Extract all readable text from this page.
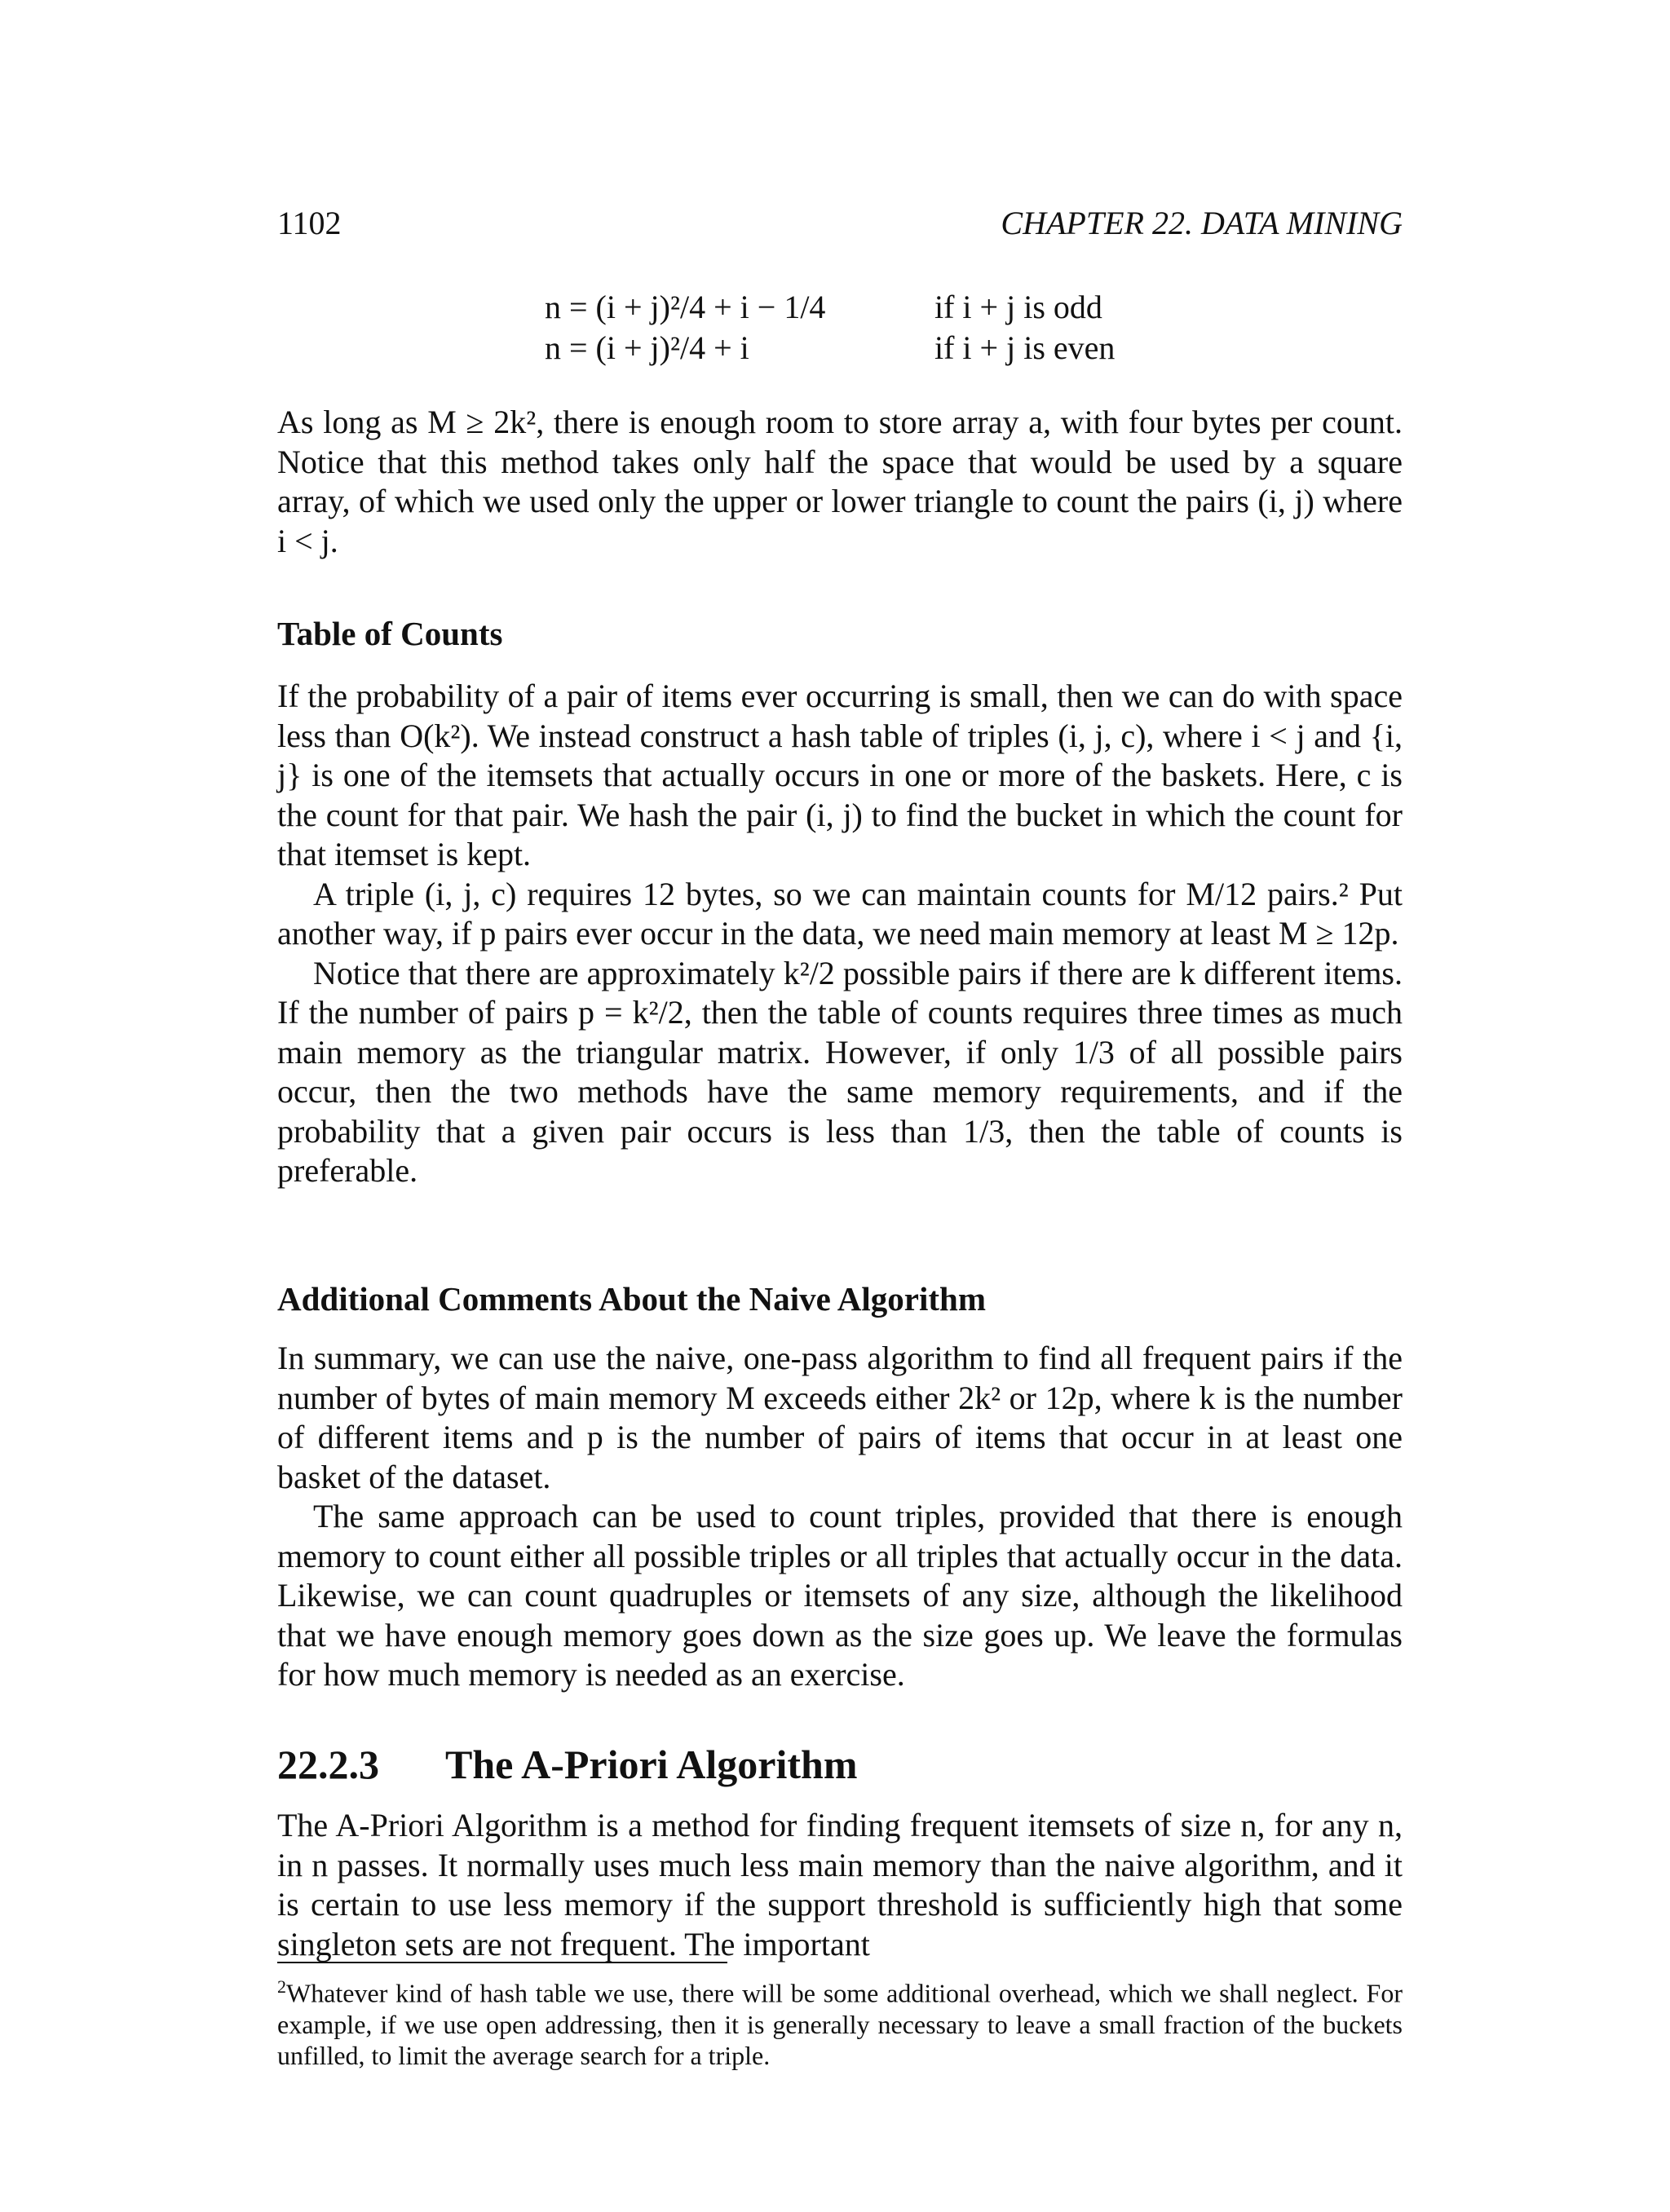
1102	CHAPTER 22. DATA MINING
n = (i + j)²/4 + i − 1/4	if i + j is odd
n = (i + j)²/4 + i	if i + j is even

As long as M ≥ 2k², there is enough room to store array a, with four bytes per count. Notice that this method takes only half the space that would be used by a square array, of which we used only the upper or lower triangle to count the pairs (i, j) where i < j.

Table of Counts

If the probability of a pair of items ever occurring is small, then we can do with space less than O(k²). We instead construct a hash table of triples (i, j, c), where i < j and {i, j} is one of the itemsets that actually occurs in one or more of the baskets. Here, c is the count for that pair. We hash the pair (i, j) to find the bucket in which the count for that itemset is kept.

A triple (i, j, c) requires 12 bytes, so we can maintain counts for M/12 pairs.² Put another way, if p pairs ever occur in the data, we need main memory at least M ≥ 12p.

Notice that there are approximately k²/2 possible pairs if there are k different items. If the number of pairs p = k²/2, then the table of counts requires three times as much main memory as the triangular matrix. However, if only 1/3 of all possible pairs occur, then the two methods have the same memory requirements, and if the probability that a given pair occurs is less than 1/3, then the table of counts is preferable.

Additional Comments About the Naive Algorithm

In summary, we can use the naive, one-pass algorithm to find all frequent pairs if the number of bytes of main memory M exceeds either 2k² or 12p, where k is the number of different items and p is the number of pairs of items that occur in at least one basket of the dataset.

The same approach can be used to count triples, provided that there is enough memory to count either all possible triples or all triples that actually occur in the data. Likewise, we can count quadruples or itemsets of any size, although the likelihood that we have enough memory goes down as the size goes up. We leave the formulas for how much memory is needed as an exercise.

22.2.3 The A-Priori Algorithm

The A-Priori Algorithm is a method for finding frequent itemsets of size n, for any n, in n passes. It normally uses much less main memory than the naive algorithm, and it is certain to use less memory if the support threshold is sufficiently high that some singleton sets are not frequent. The important

$^2$Whatever kind of hash table we use, there will be some additional overhead, which we shall neglect. For example, if we use open addressing, then it is generally necessary to leave a small fraction of the buckets unfilled, to limit the average search for a triple.
